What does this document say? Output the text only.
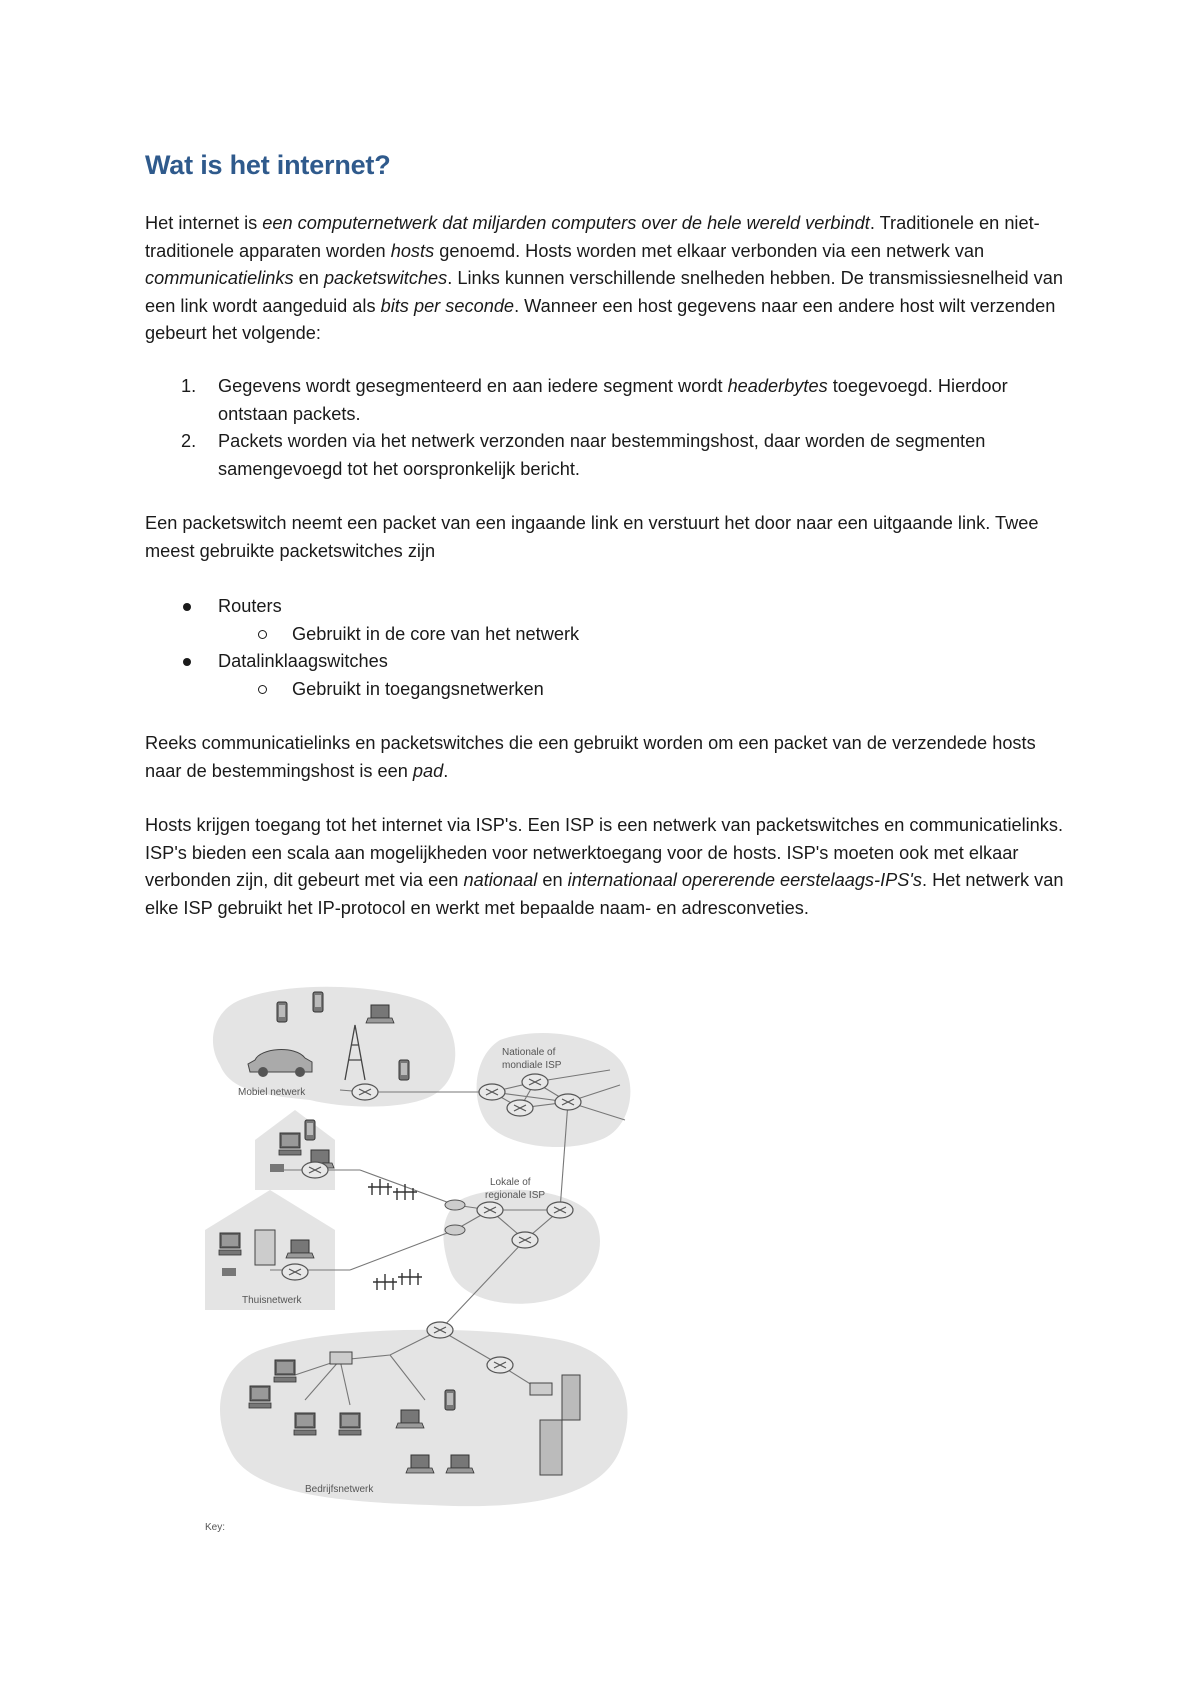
Wat is het internet?

Het internet is een computernetwerk dat miljarden computers over de hele wereld verbindt. Traditionele en niet-traditionele apparaten worden hosts genoemd. Hosts worden met elkaar verbonden via een netwerk van communicatielinks en packetswitches. Links kunnen verschillende snelheden hebben. De transmissiesnelheid van een link wordt aangeduid als bits per seconde. Wanneer een host gegevens naar een andere host wilt verzenden gebeurt het volgende:

1. Gegevens wordt gesegmenteerd en aan iedere segment wordt headerbytes toegevoegd. Hierdoor ontstaan packets.
2. Packets worden via het netwerk verzonden naar bestemmingshost, daar worden de segmenten samengevoegd tot het oorspronkelijk bericht.

Een packetswitch neemt een packet van een ingaande link en verstuurt het door naar een uitgaande link. Twee meest gebruikte packetswitches zijn

Routers
Gebruikt in de core van het netwerk
Datalinklaagswitches
Gebruikt in toegangsnetwerken

Reeks communicatielinks en packetswitches die een gebruikt worden om een packet van de verzendede hosts naar de bestemmingshost is een pad.

Hosts krijgen toegang tot het internet via ISP's. Een ISP is een netwerk van packetswitches en communicatielinks. ISP's bieden een scala aan mogelijkheden voor netwerktoegang voor de hosts. ISP's moeten ook met elkaar verbonden zijn, dit gebeurt met via een nationaal en internationaal opererende eerstelaags-IPS's. Het netwerk van elke ISP gebruikt het IP-protocol en werkt met bepaalde naam- en adresconveties.

Mobiel netwerk
Nationale of
mondiale ISP
Lokale of
regionale ISP
Thuisnetwerk
Bedrijfsnetwerk
Key:
